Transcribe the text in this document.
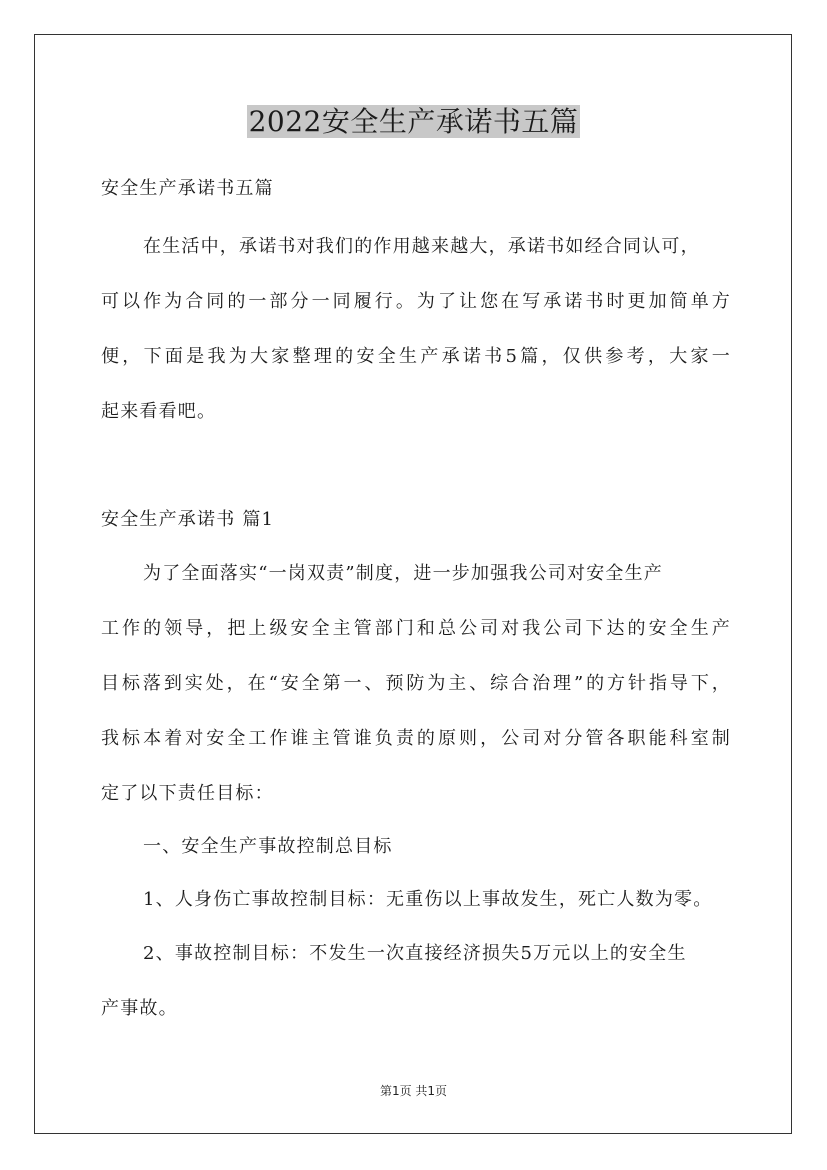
2022安全生产承诺书五篇
安全生产承诺书五篇
在生活中，承诺书对我们的作用越来越大，承诺书如经合同认可，
可以作为合同的一部分一同履行。为了让您在写承诺书时更加简单方
便，下面是我为大家整理的安全生产承诺书5篇，仅供参考，大家一
起来看看吧。
安全生产承诺书 篇1
为了全面落实“一岗双责”制度，进一步加强我公司对安全生产
工作的领导，把上级安全主管部门和总公司对我公司下达的安全生产
目标落到实处，在“安全第一、预防为主、综合治理”的方针指导下，
我标本着对安全工作谁主管谁负责的原则，公司对分管各职能科室制
定了以下责任目标：
一、安全生产事故控制总目标
1、人身伤亡事故控制目标：无重伤以上事故发生，死亡人数为零。
2、事故控制目标：不发生一次直接经济损失5万元以上的安全生
产事故。
第1页 共1页
